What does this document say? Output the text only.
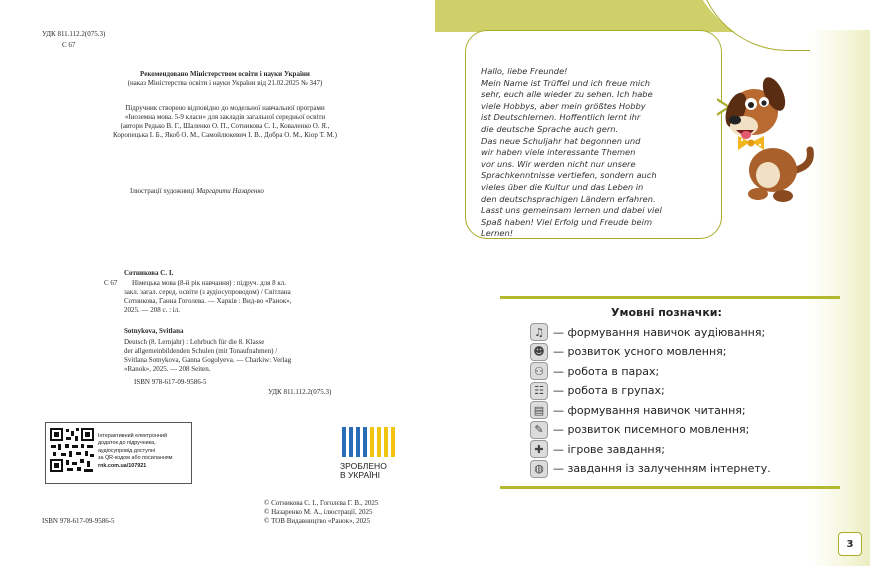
УДК 811.112.2(075.3)
С 67
Рекомендовано Міністерством освіти і науки України
(наказ Міністерства освіти і науки України від 21.02.2025 № 347)
Підручник створено відповідно до модельної навчальної програми
«Іноземна мова. 5-9 класи» для закладів загальної середньої освіти
(автори Редько В. Г., Шаленко О. П., Сотникова С. І., Коваленко О. Я.,
Коропецька І. Б., Якоб О. М., Самойлюкевич І. В., Добра О. М., Кіор Т. М.)
Ілюстрації художниці Маргарити Назаренко
Сотникова С. І.
С 67	Німецька мова (8-й рік навчання) : підруч. для 8 кл.
закл. загал. серед. освіти (з аудіосупроводом) / Світлана
Сотникова, Ганна Гоголева. — Харків : Вид-во «Ранок»,
2025. — 208 с. : іл.
Sotnykova, Svitlana
Deutsch (8. Lernjahr) : Lehrbuch für die 8. Klasse
der allgemeinbildenden Schulen (mit Tonaufnahmen) /
Svitlana Sotnykova, Ganna Gogolyeva. — Charkiw: Verlag
«Ranok», 2025. — 208 Seiten.
ISBN 978-617-09-9586-5
УДК 811.112.2(075.3)
Інтерактивний електронний
додаток до підручника,
аудіосупровід доступні
за QR-кодом або посиланням
rnk.com.ua/107921	ЗРОБЛЕНО
В УКРАЇНІ
ISBN 978-617-09-9586-5
© Сотникова С. І., Гоголєва Г. В., 2025
© Назаренко М. А., ілюстрації, 2025
© ТОВ Видавництво «Ранок», 2025
Hallo, liebe Freunde!
Mein Name ist Trüffel und ich freue mich
sehr, euch alle wieder zu sehen. Ich habe
viele Hobbys, aber mein größtes Hobby
ist Deutschlernen. Hoffentlich lernt ihr
die deutsche Sprache auch gern.
Das neue Schuljahr hat begonnen und
wir haben viele interessante Themen
vor uns. Wir werden nicht nur unsere
Sprachkenntnisse vertiefen, sondern auch
vieles über die Kultur und das Leben in
den deutschsprachigen Ländern erfahren.
Lasst uns gemeinsam lernen und dabei viel
Spaß haben! Viel Erfolg und Freude beim
Lernen!
Умовні позначки:
♫ — формування навичок аудіювання;
☻ — розвиток усного мовлення;
⚇ — робота в парах;
☷ — робота в групах;
▤ — формування навичок читання;
✎ — розвиток писемного мовлення;
✚ — ігрове завдання;
◍ — завдання із залученням інтернету.
3
